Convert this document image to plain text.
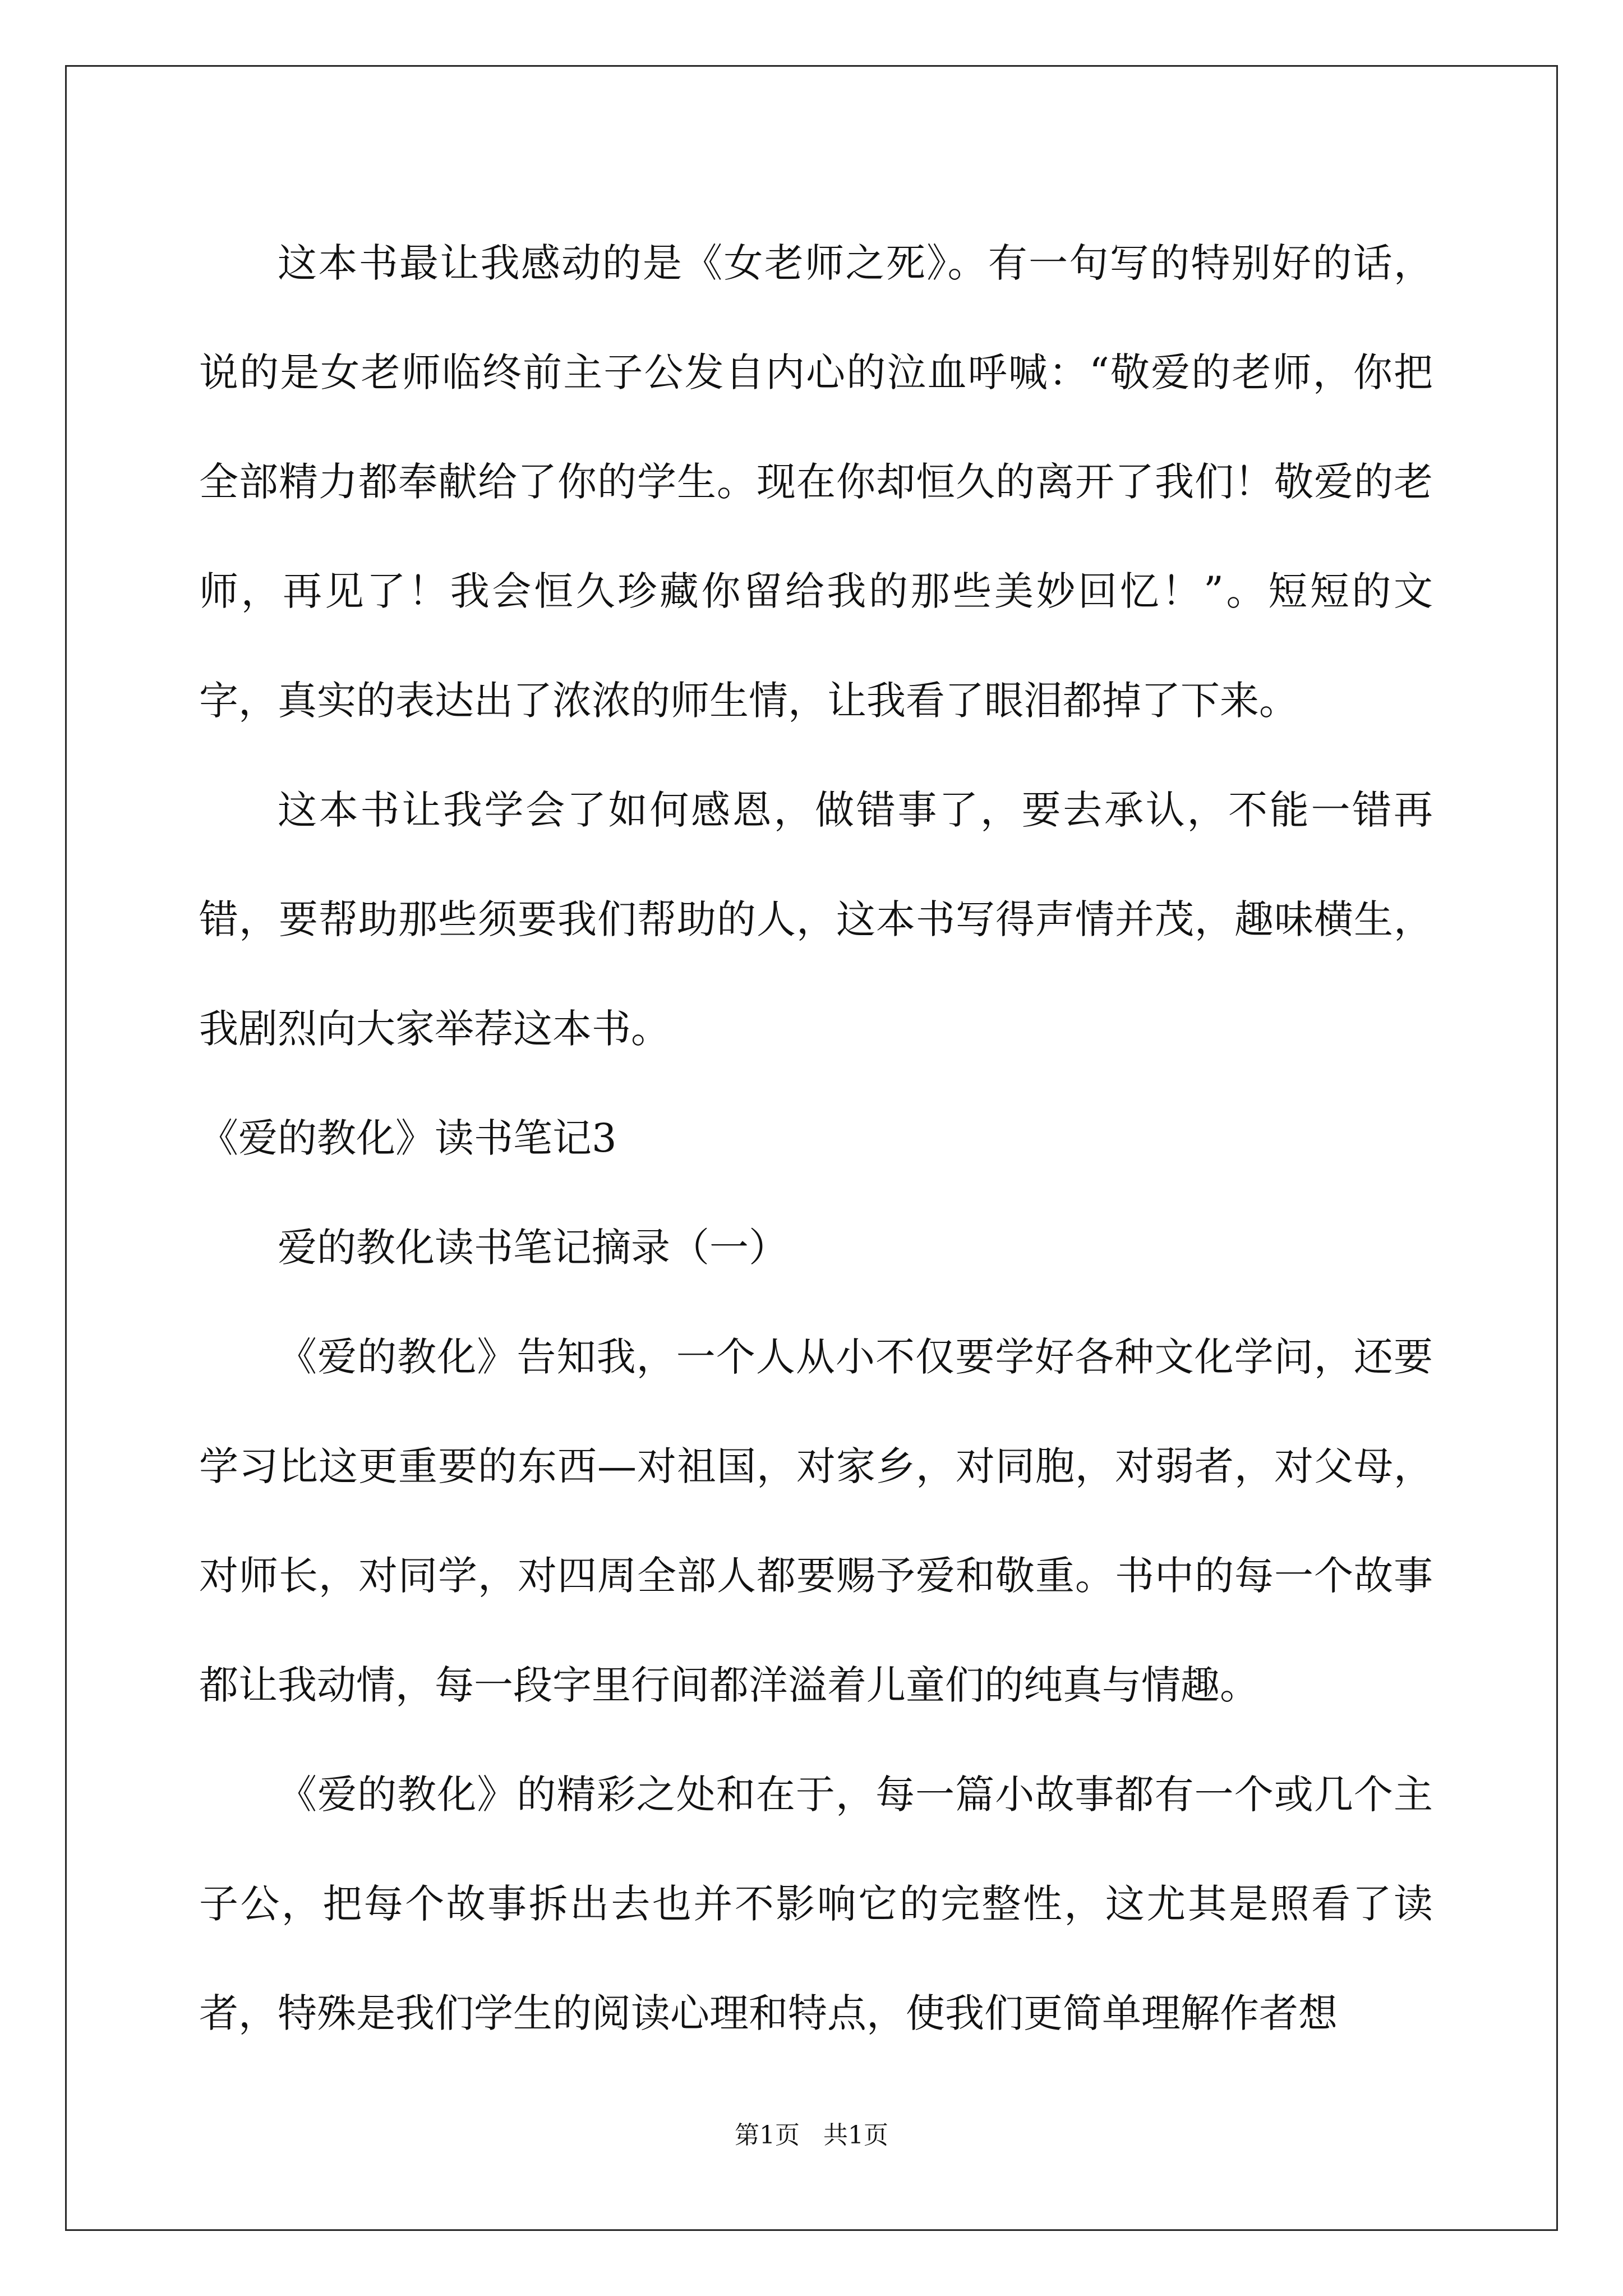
这本书最让我感动的是《女老师之死》。有一句写的特别好的话，说的是女老师临终前主子公发自内心的泣血呼喊：“敬爱的老师，你把全部精力都奉献给了你的学生。现在你却恒久的离开了我们！敬爱的老师，再见了！我会恒久珍藏你留给我的那些美妙回忆！”。短短的文字，真实的表达出了浓浓的师生情，让我看了眼泪都掉了下来。

这本书让我学会了如何感恩，做错事了，要去承认，不能一错再错，要帮助那些须要我们帮助的人，这本书写得声情并茂，趣味横生，我剧烈向大家举荐这本书。

《爱的教化》读书笔记3

爱的教化读书笔记摘录（一）

《爱的教化》告知我，一个人从小不仅要学好各种文化学问，还要学习比这更重要的东西—对祖国，对家乡，对同胞，对弱者，对父母，对师长，对同学，对四周全部人都要赐予爱和敬重。书中的每一个故事都让我动情，每一段字里行间都洋溢着儿童们的纯真与情趣。

《爱的教化》的精彩之处和在于，每一篇小故事都有一个或几个主子公，把每个故事拆出去也并不影响它的完整性，这尤其是照看了读者，特殊是我们学生的阅读心理和特点，使我们更简单理解作者想

第1页   共1页
